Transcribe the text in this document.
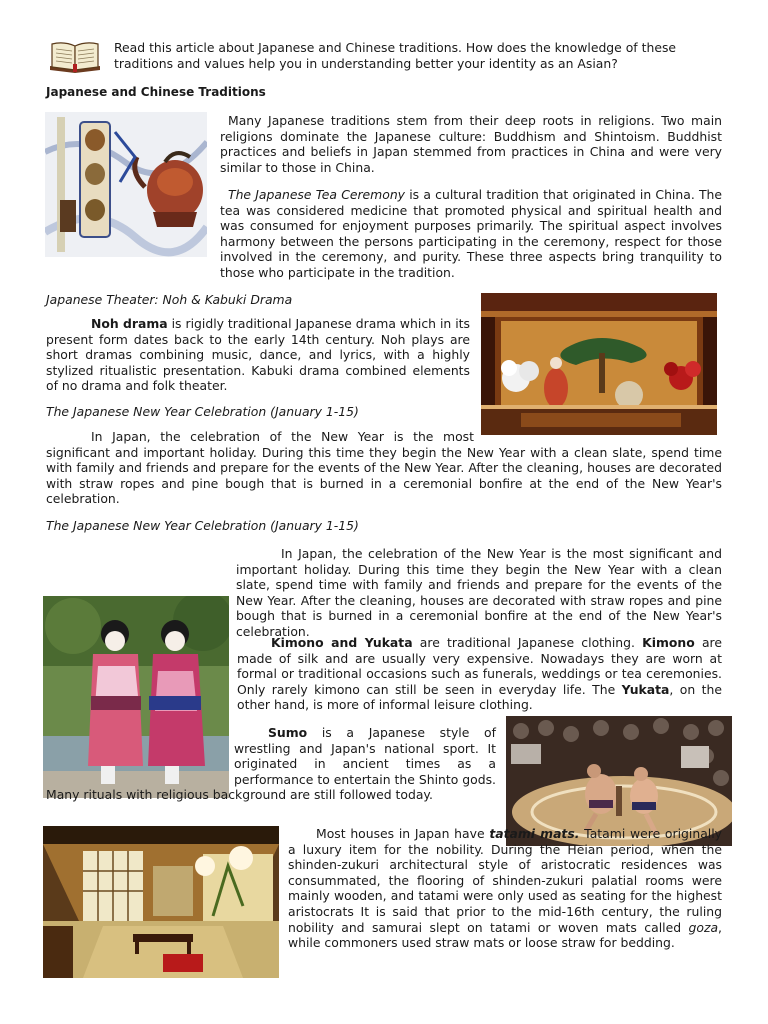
Read this article about Japanese and Chinese traditions. How does the knowledge of these traditions and values help you in understanding better your identity as an Asian?
Japanese and Chinese Traditions
Many Japanese traditions stem from their deep roots in religions. Two main religions dominate the Japanese culture: Buddhism and Shintoism. Buddhist practices and beliefs in Japan stemmed from practices in China and were very similar to those in China.
The Japanese Tea Ceremony is a cultural tradition that originated in China. The tea was considered medicine that promoted physical and spiritual health and was consumed for enjoyment purposes primarily. The spiritual aspect involves harmony between the persons participating in the ceremony, respect for those involved in the ceremony, and purity. These three aspects bring tranquility to those who participate in the tradition.
Japanese Theater: Noh & Kabuki Drama
Noh drama is rigidly traditional Japanese drama which in its present form dates back to the early 14th century. Noh plays are short dramas combining music, dance, and lyrics, with a highly stylized ritualistic presentation. Kabuki drama combined elements of no drama and folk theater.
The Japanese New Year Celebration (January 1-15)
In Japan, the celebration of the New Year is the most significant and important holiday. During this time they begin the New Year with a clean slate, spend time with family and friends and prepare for the events of the New Year. After the cleaning, houses are decorated with straw ropes and pine bough that is burned in a ceremonial bonfire at the end of the New Year's celebration.
The Japanese New Year Celebration (January 1-15)
In Japan, the celebration of the New Year is the most significant and important holiday. During this time they begin the New Year with a clean slate, spend time with family and friends and prepare for the events of the New Year. After the cleaning, houses are decorated with straw ropes and pine bough that is burned in a ceremonial bonfire at the end of the New Year's celebration.
Kimono and Yukata are traditional Japanese clothing. Kimono are made of silk and are usually very expensive. Nowadays they are worn at formal or traditional occasions such as funerals, weddings or tea ceremonies. Only rarely kimono can still be seen in everyday life. The Yukata, on the other hand, is more of informal leisure clothing.
Sumo is a Japanese style of wrestling and Japan's national sport. It originated in ancient times as a performance to entertain the Shinto gods. Many rituals with religious background are still followed today.
Most houses in Japan have tatami mats. Tatami were originally a luxury item for the nobility. During the Heian period, when the shinden-zukuri architectural style of aristocratic residences was consummated, the flooring of shinden-zukuri palatial rooms were mainly wooden, and tatami were only used as seating for the highest aristocrats It is said that prior to the mid-16th century, the ruling nobility and samurai slept on tatami or woven mats called goza, while commoners used straw mats or loose straw for bedding.
